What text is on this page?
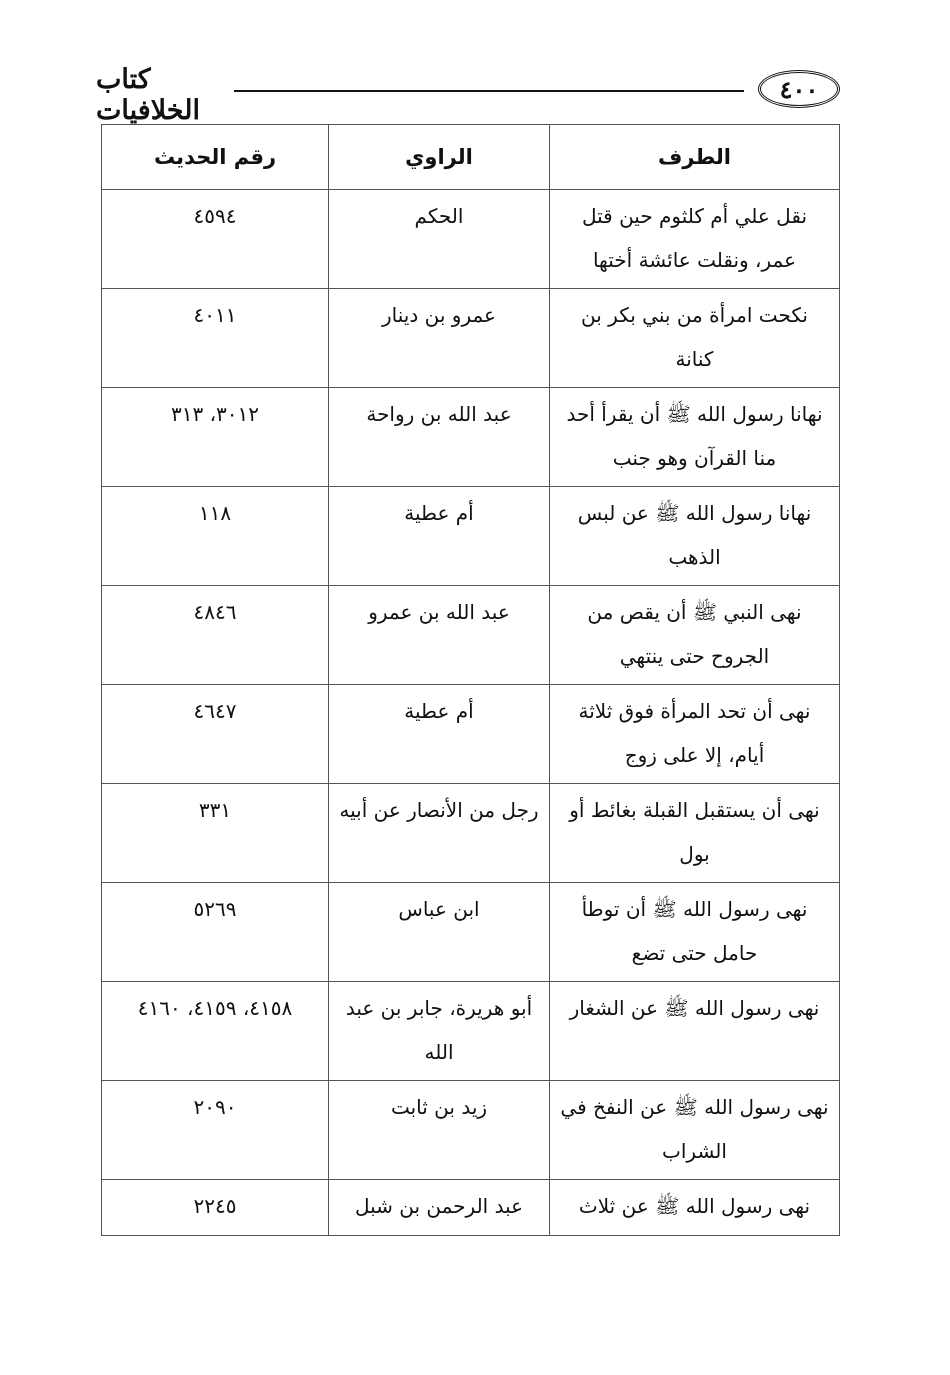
كتاب الخلافيات
٤٠٠
الطرف	الراوي	رقم الحديث
نقل علي أم كلثوم حين قتل عمر، ونقلت عائشة أختها	الحكم	٤٥٩٤
نكحت امرأة من بني بكر بن كنانة	عمرو بن دينار	٤٠١١
نهانا رسول الله ﷺ أن يقرأ أحد منا القرآن وهو جنب	عبد الله بن رواحة	٣٠١٢، ٣١٣
نهانا رسول الله ﷺ عن لبس الذهب	أم عطية	١١٨
نهى النبي ﷺ أن يقص من الجروح حتى ينتهي	عبد الله بن عمرو	٤٨٤٦
نهى أن تحد المرأة فوق ثلاثة أيام، إلا على زوج	أم عطية	٤٦٤٧
نهى أن يستقبل القبلة بغائط أو بول	رجل من الأنصار عن أبيه	٣٣١
نهى رسول الله ﷺ أن توطأ حامل حتى تضع	ابن عباس	٥٢٦٩
نهى رسول الله ﷺ عن الشغار	أبو هريرة، جابر بن عبد الله	٤١٥٨، ٤١٥٩، ٤١٦٠
نهى رسول الله ﷺ عن النفخ في الشراب	زيد بن ثابت	٢٠٩٠
نهى رسول الله ﷺ عن ثلاث	عبد الرحمن بن شبل	٢٢٤٥
